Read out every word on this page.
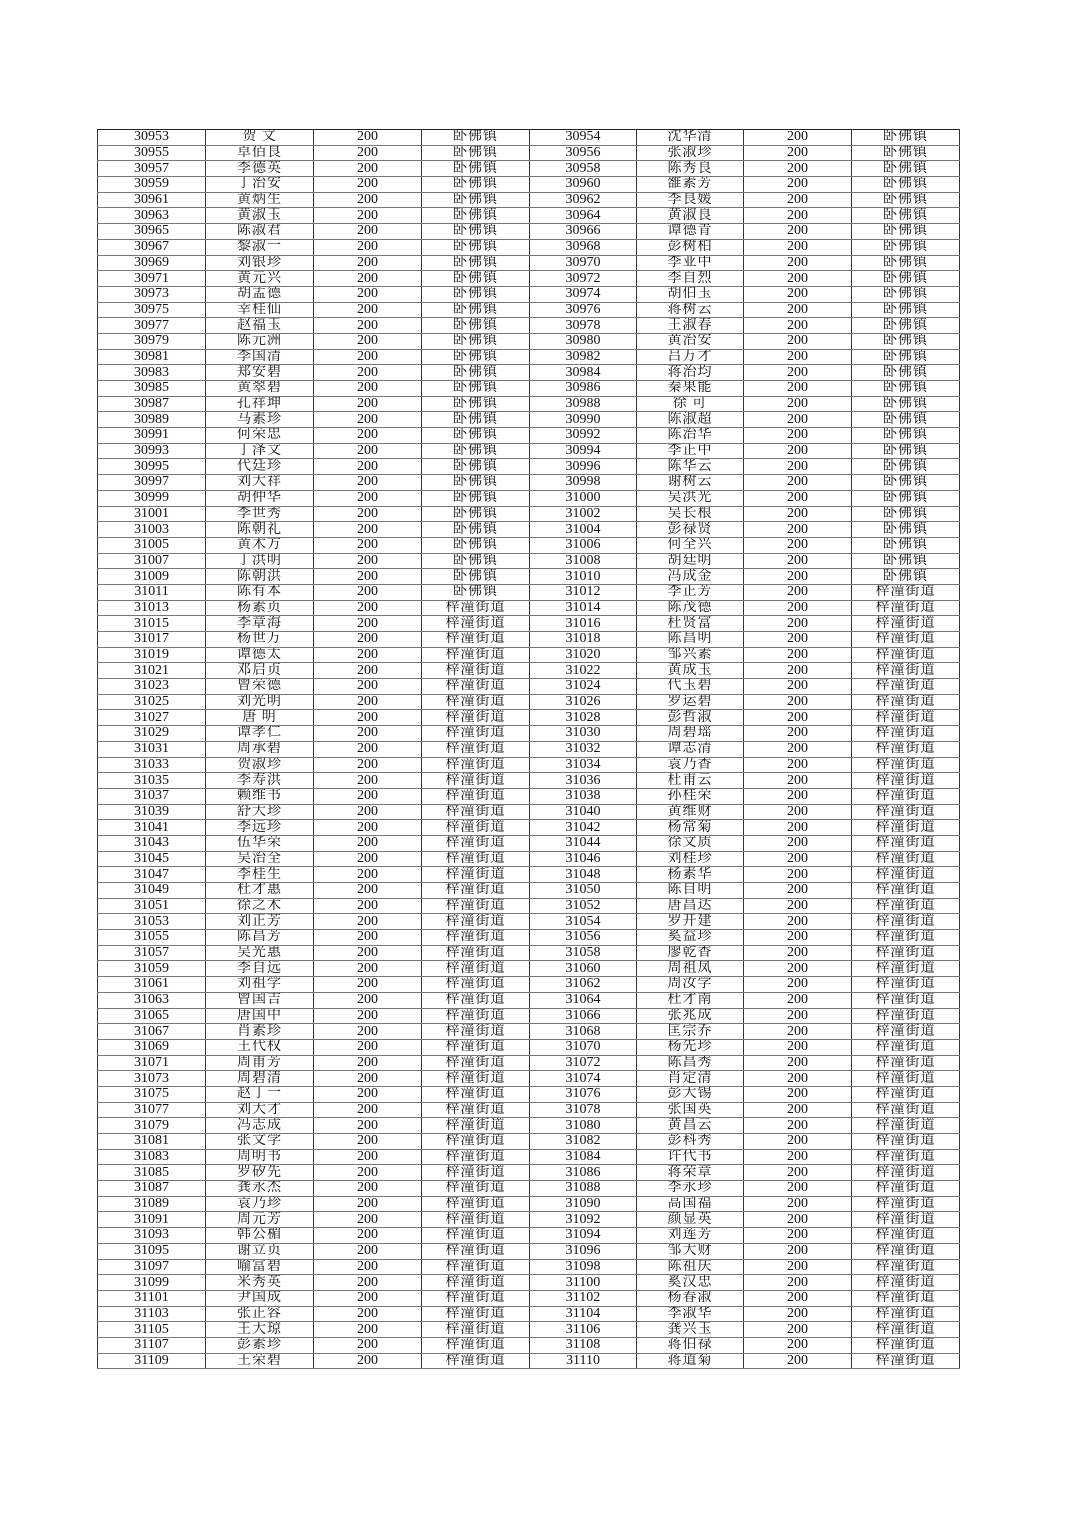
30953	贺 文	200	卧佛镇	30954	沈华清	200	卧佛镇
30955	卓佰良	200	卧佛镇	30956	张淑珍	200	卧佛镇
30957	李德英	200	卧佛镇	30958	陈秀良	200	卧佛镇
30959	丁治安	200	卧佛镇	30960	雒素芳	200	卧佛镇
30961	黄炳生	200	卧佛镇	30962	李良媛	200	卧佛镇
30963	黄淑玉	200	卧佛镇	30964	黄淑良	200	卧佛镇
30965	陈淑君	200	卧佛镇	30966	谭德青	200	卧佛镇
30967	黎淑一	200	卧佛镇	30968	彭树柏	200	卧佛镇
30969	刘银珍	200	卧佛镇	30970	李亚中	200	卧佛镇
30971	黄元兴	200	卧佛镇	30972	李自烈	200	卧佛镇
30973	胡孟德	200	卧佛镇	30974	胡伯玉	200	卧佛镇
30975	幸桂仙	200	卧佛镇	30976	蒋树云	200	卧佛镇
30977	赵福玉	200	卧佛镇	30978	王淑春	200	卧佛镇
30979	陈元洲	200	卧佛镇	30980	黄治安	200	卧佛镇
30981	李国清	200	卧佛镇	30982	吕万才	200	卧佛镇
30983	郑安碧	200	卧佛镇	30984	蒋治均	200	卧佛镇
30985	黄翠碧	200	卧佛镇	30986	秦果能	200	卧佛镇
30987	孔祥坤	200	卧佛镇	30988	徐 可	200	卧佛镇
30989	马素珍	200	卧佛镇	30990	陈淑超	200	卧佛镇
30991	何荣忠	200	卧佛镇	30992	陈治华	200	卧佛镇
30993	丁泽文	200	卧佛镇	30994	李正中	200	卧佛镇
30995	代廷珍	200	卧佛镇	30996	陈华云	200	卧佛镇
30997	刘大祥	200	卧佛镇	30998	谢树云	200	卧佛镇
30999	胡仲华	200	卧佛镇	31000	吴洪光	200	卧佛镇
31001	李世秀	200	卧佛镇	31002	吴长根	200	卧佛镇
31003	陈朝礼	200	卧佛镇	31004	彭禄贤	200	卧佛镇
31005	黄术方	200	卧佛镇	31006	何全兴	200	卧佛镇
31007	丁洪明	200	卧佛镇	31008	胡廷明	200	卧佛镇
31009	陈朝洪	200	卧佛镇	31010	冯成金	200	卧佛镇
31011	陈有本	200	卧佛镇	31012	李正芳	200	梓潼街道
31013	杨素贞	200	梓潼街道	31014	陈茂德	200	梓潼街道
31015	李章海	200	梓潼街道	31016	杜贤富	200	梓潼街道
31017	杨世万	200	梓潼街道	31018	陈昌明	200	梓潼街道
31019	谭德太	200	梓潼街道	31020	邹兴素	200	梓潼街道
31021	邓启贞	200	梓潼街道	31022	黄成玉	200	梓潼街道
31023	曾荣德	200	梓潼街道	31024	代玉碧	200	梓潼街道
31025	刘光明	200	梓潼街道	31026	罗运碧	200	梓潼街道
31027	唐 明	200	梓潼街道	31028	彭哲淑	200	梓潼街道
31029	谭孝仁	200	梓潼街道	31030	周碧瑶	200	梓潼街道
31031	周承碧	200	梓潼街道	31032	谭志清	200	梓潼街道
31033	贺淑珍	200	梓潼街道	31034	袁乃香	200	梓潼街道
31035	李寿洪	200	梓潼街道	31036	杜甫云	200	梓潼街道
31037	赖维书	200	梓潼街道	31038	孙桂荣	200	梓潼街道
31039	舒大珍	200	梓潼街道	31040	黄维财	200	梓潼街道
31041	李远珍	200	梓潼街道	31042	杨常菊	200	梓潼街道
31043	伍华荣	200	梓潼街道	31044	徐文质	200	梓潼街道
31045	吴治全	200	梓潼街道	31046	刘桂珍	200	梓潼街道
31047	李桂生	200	梓潼街道	31048	杨素华	200	梓潼街道
31049	杜才惠	200	梓潼街道	31050	陈自明	200	梓潼街道
31051	徐之术	200	梓潼街道	31052	唐昌达	200	梓潼街道
31053	刘正芳	200	梓潼街道	31054	罗开建	200	梓潼街道
31055	陈昌芳	200	梓潼街道	31056	奚益珍	200	梓潼街道
31057	吴光惠	200	梓潼街道	31058	廖乾香	200	梓潼街道
31059	李自远	200	梓潼街道	31060	周祖凤	200	梓潼街道
31061	刘祖学	200	梓潼街道	31062	周汝学	200	梓潼街道
31063	曾国吉	200	梓潼街道	31064	杜才南	200	梓潼街道
31065	唐国中	200	梓潼街道	31066	张兆成	200	梓潼街道
31067	肖素珍	200	梓潼街道	31068	匡宗乔	200	梓潼街道
31069	王代权	200	梓潼街道	31070	杨先珍	200	梓潼街道
31071	周甫芳	200	梓潼街道	31072	陈昌秀	200	梓潼街道
31073	周碧清	200	梓潼街道	31074	肖定清	200	梓潼街道
31075	赵丁一	200	梓潼街道	31076	彭大锡	200	梓潼街道
31077	刘大才	200	梓潼街道	31078	张国英	200	梓潼街道
31079	冯志成	200	梓潼街道	31080	黄昌云	200	梓潼街道
31081	张文学	200	梓潼街道	31082	彭科秀	200	梓潼街道
31083	周明书	200	梓潼街道	31084	许代书	200	梓潼街道
31085	罗矽先	200	梓潼街道	31086	蒋荣章	200	梓潼街道
31087	龚永杰	200	梓潼街道	31088	李永珍	200	梓潼街道
31089	袁乃珍	200	梓潼街道	31090	高国福	200	梓潼街道
31091	周元芳	200	梓潼街道	31092	颜显英	200	梓潼街道
31093	韩公楣	200	梓潼街道	31094	刘莲芳	200	梓潼街道
31095	谢立贞	200	梓潼街道	31096	邹大财	200	梓潼街道
31097	喻富碧	200	梓潼街道	31098	陈祖庆	200	梓潼街道
31099	米秀英	200	梓潼街道	31100	奚汉忠	200	梓潼街道
31101	尹国成	200	梓潼街道	31102	杨春淑	200	梓潼街道
31103	张正容	200	梓潼街道	31104	李淑华	200	梓潼街道
31105	王大琼	200	梓潼街道	31106	龚兴玉	200	梓潼街道
31107	彭素珍	200	梓潼街道	31108	蒋伯禄	200	梓潼街道
31109	王荣碧	200	梓潼街道	31110	蒋道菊	200	梓潼街道
